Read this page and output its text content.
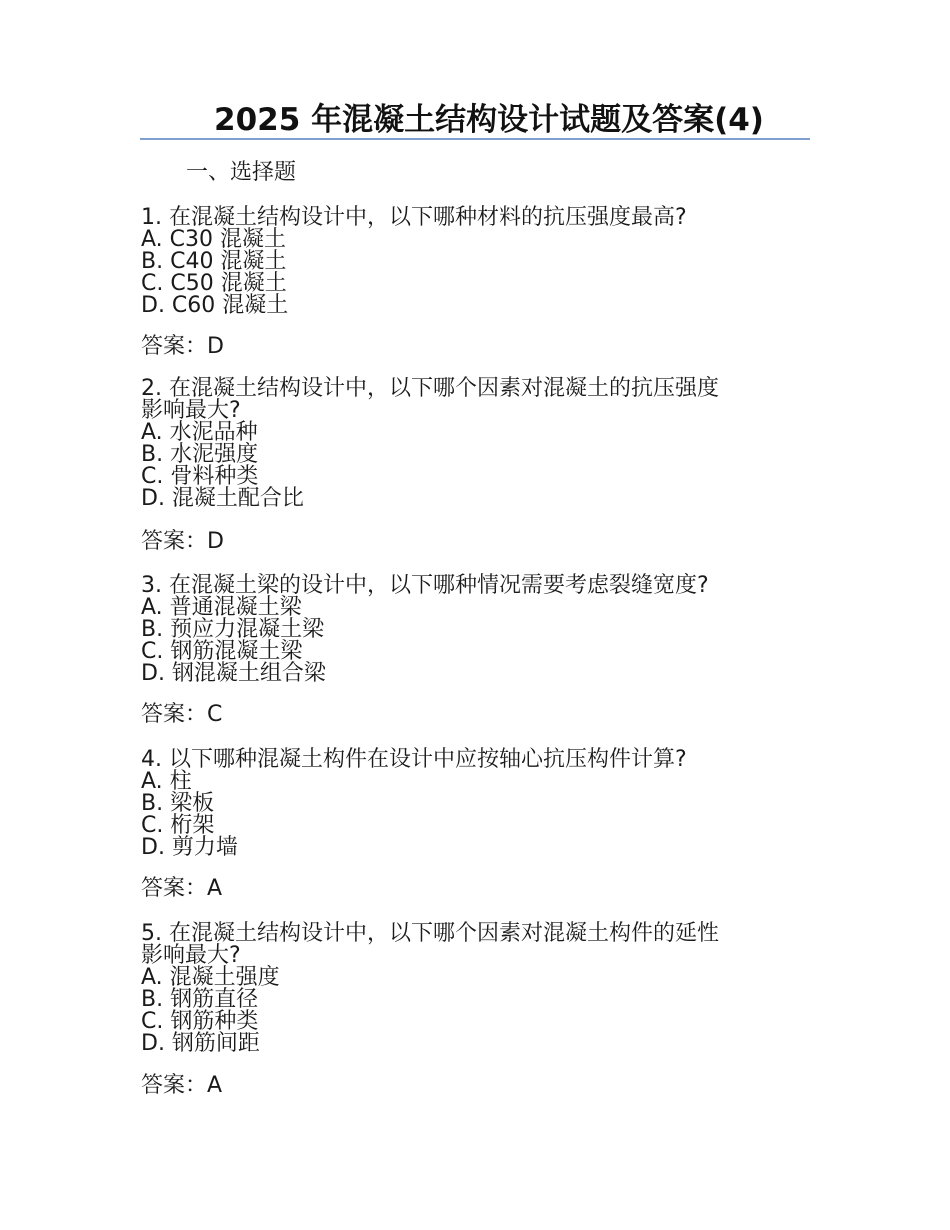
2025 年混凝土结构设计试题及答案(4)
一、选择题
1. 在混凝土结构设计中，以下哪种材料的抗压强度最高?
A. C30 混凝土
B. C40 混凝土
C. C50 混凝土
D. C60 混凝土
答案：D
2. 在混凝土结构设计中，以下哪个因素对混凝土的抗压强度
影响最大?
A. 水泥品种
B. 水泥强度
C. 骨料种类
D. 混凝土配合比
答案：D
3. 在混凝土梁的设计中，以下哪种情况需要考虑裂缝宽度?
A. 普通混凝土梁
B. 预应力混凝土梁
C. 钢筋混凝土梁
D. 钢混凝土组合梁
答案：C
4. 以下哪种混凝土构件在设计中应按轴心抗压构件计算?
A. 柱
B. 梁板
C. 桁架
D. 剪力墙
答案：A
5. 在混凝土结构设计中，以下哪个因素对混凝土构件的延性
影响最大?
A. 混凝土强度
B. 钢筋直径
C. 钢筋种类
D. 钢筋间距
答案：A
